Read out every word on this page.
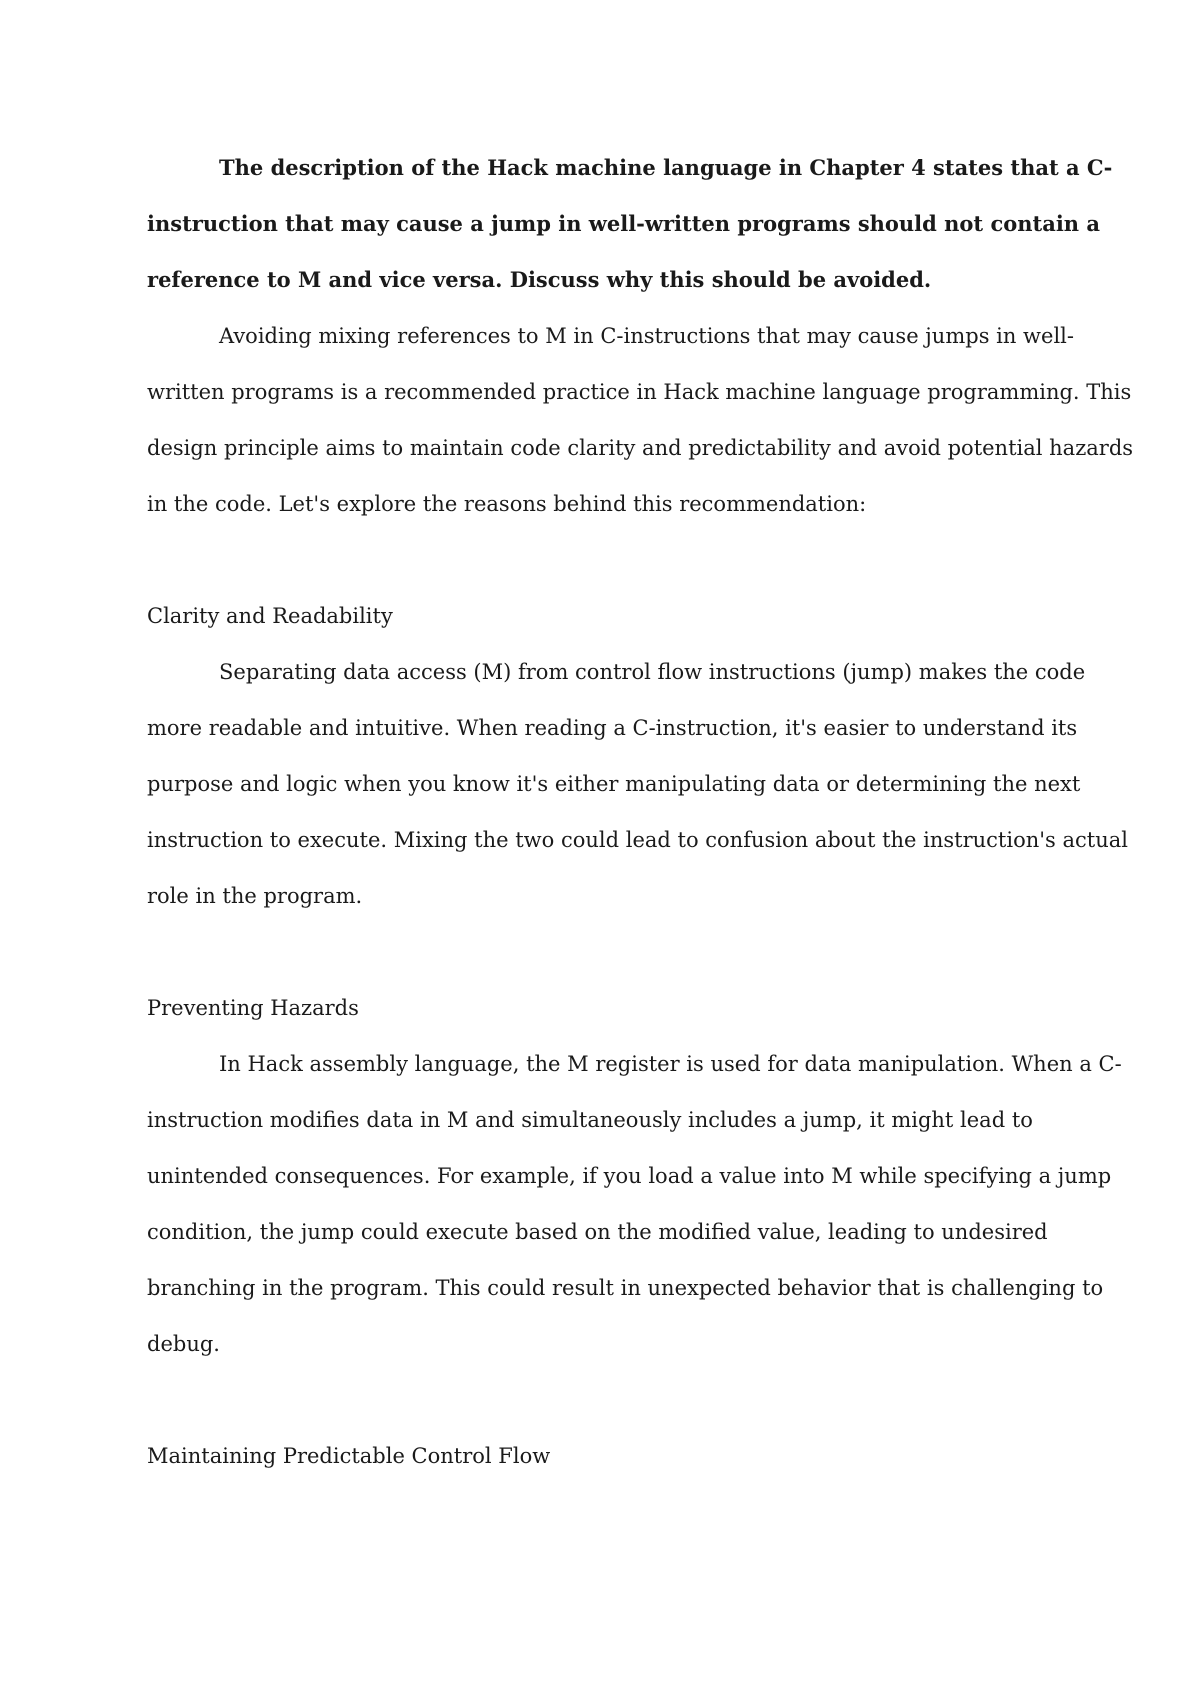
The description of the Hack machine language in Chapter 4 states that a C-
instruction that may cause a jump in well-written programs should not contain a
reference to M and vice versa. Discuss why this should be avoided.
Avoiding mixing references to M in C-instructions that may cause jumps in well-
written programs is a recommended practice in Hack machine language programming. This
design principle aims to maintain code clarity and predictability and avoid potential hazards
in the code. Let's explore the reasons behind this recommendation:
Clarity and Readability
Separating data access (M) from control flow instructions (jump) makes the code
more readable and intuitive. When reading a C-instruction, it's easier to understand its
purpose and logic when you know it's either manipulating data or determining the next
instruction to execute. Mixing the two could lead to confusion about the instruction's actual
role in the program.
Preventing Hazards
In Hack assembly language, the M register is used for data manipulation. When a C-
instruction modifies data in M and simultaneously includes a jump, it might lead to
unintended consequences. For example, if you load a value into M while specifying a jump
condition, the jump could execute based on the modified value, leading to undesired
branching in the program. This could result in unexpected behavior that is challenging to
debug.
Maintaining Predictable Control Flow
